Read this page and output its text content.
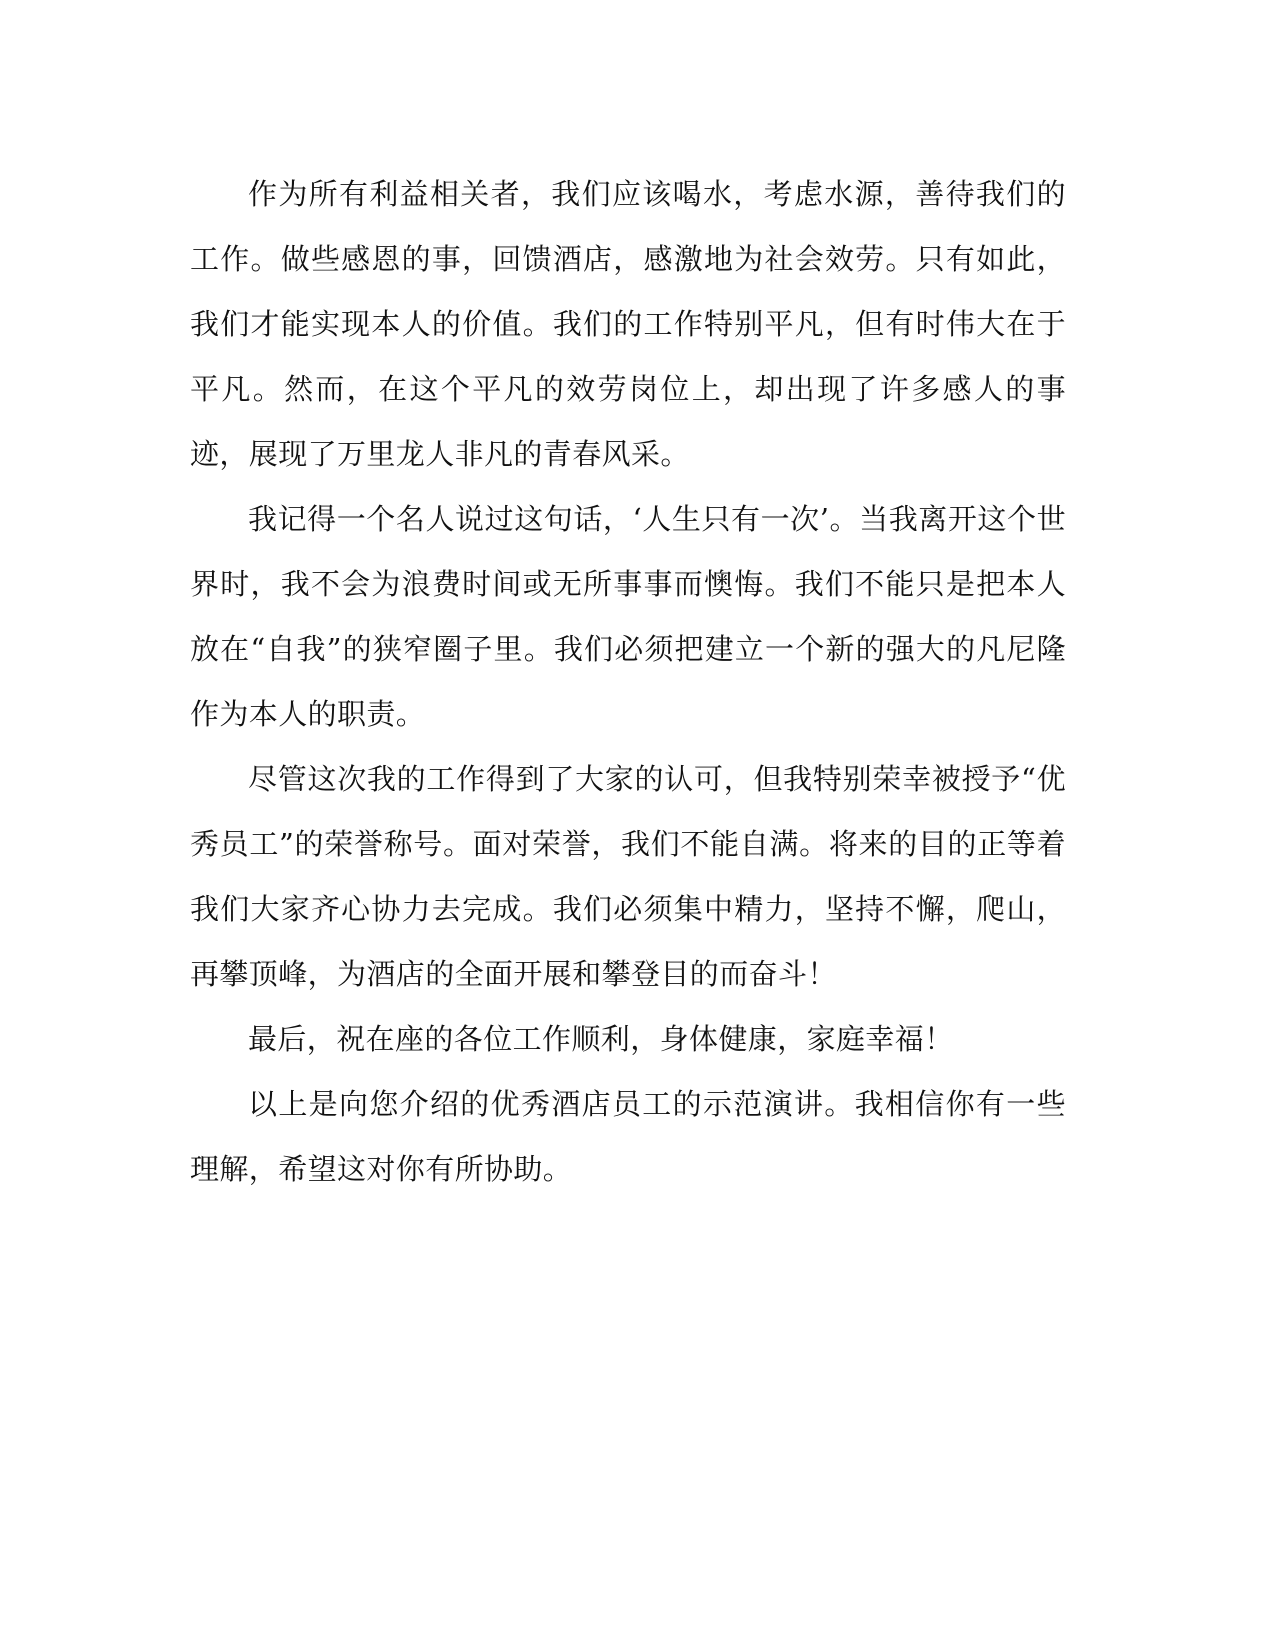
作为所有利益相关者，我们应该喝水，考虑水源，善待我们的工作。做些感恩的事，回馈酒店，感激地为社会效劳。只有如此，我们才能实现本人的价值。我们的工作特别平凡，但有时伟大在于平凡。然而，在这个平凡的效劳岗位上，却出现了许多感人的事迹，展现了万里龙人非凡的青春风采。

我记得一个名人说过这句话，‘人生只有一次’。当我离开这个世界时，我不会为浪费时间或无所事事而懊悔。我们不能只是把本人放在“自我”的狭窄圈子里。我们必须把建立一个新的强大的凡尼隆作为本人的职责。

尽管这次我的工作得到了大家的认可，但我特别荣幸被授予“优秀员工”的荣誉称号。面对荣誉，我们不能自满。将来的目的正等着我们大家齐心协力去完成。我们必须集中精力，坚持不懈，爬山，再攀顶峰，为酒店的全面开展和攀登目的而奋斗！

最后，祝在座的各位工作顺利，身体健康，家庭幸福！

以上是向您介绍的优秀酒店员工的示范演讲。我相信你有一些理解，希望这对你有所协助。
